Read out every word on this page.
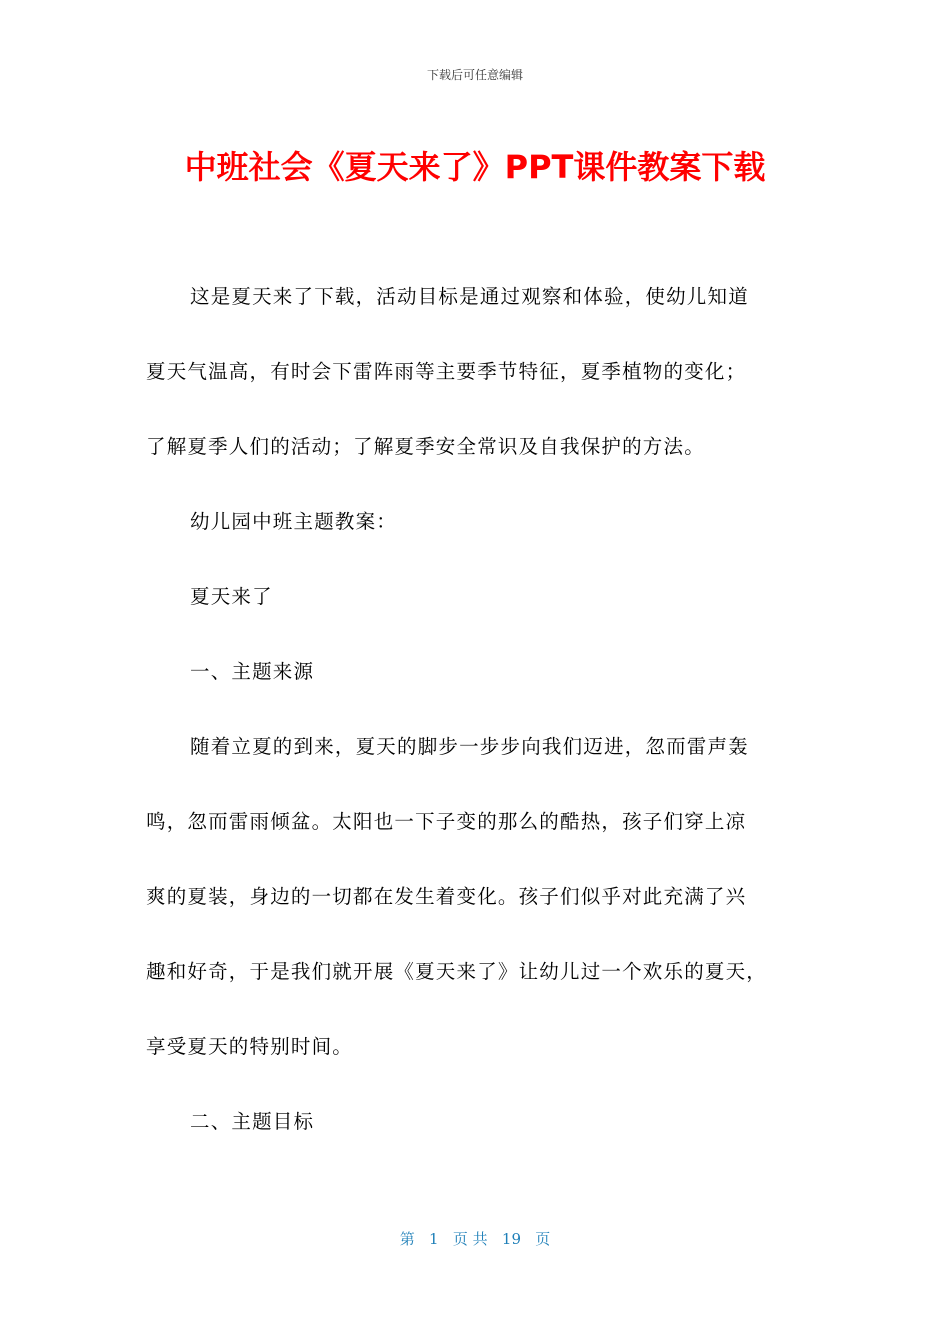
下载后可任意编辑
中班社会《夏天来了》PPT课件教案下载
这是夏天来了下载，活动目标是通过观察和体验，使幼儿知道
夏天气温高，有时会下雷阵雨等主要季节特征，夏季植物的变化；
了解夏季人们的活动；了解夏季安全常识及自我保护的方法。
幼儿园中班主题教案：
夏天来了
一、主题来源
随着立夏的到来，夏天的脚步一步步向我们迈进，忽而雷声轰
鸣，忽而雷雨倾盆。太阳也一下子变的那么的酷热，孩子们穿上凉
爽的夏装，身边的一切都在发生着变化。孩子们似乎对此充满了兴
趣和好奇，于是我们就开展《夏天来了》让幼儿过一个欢乐的夏天，
享受夏天的特别时间。
二、主题目标
第   1   页 共   19   页
